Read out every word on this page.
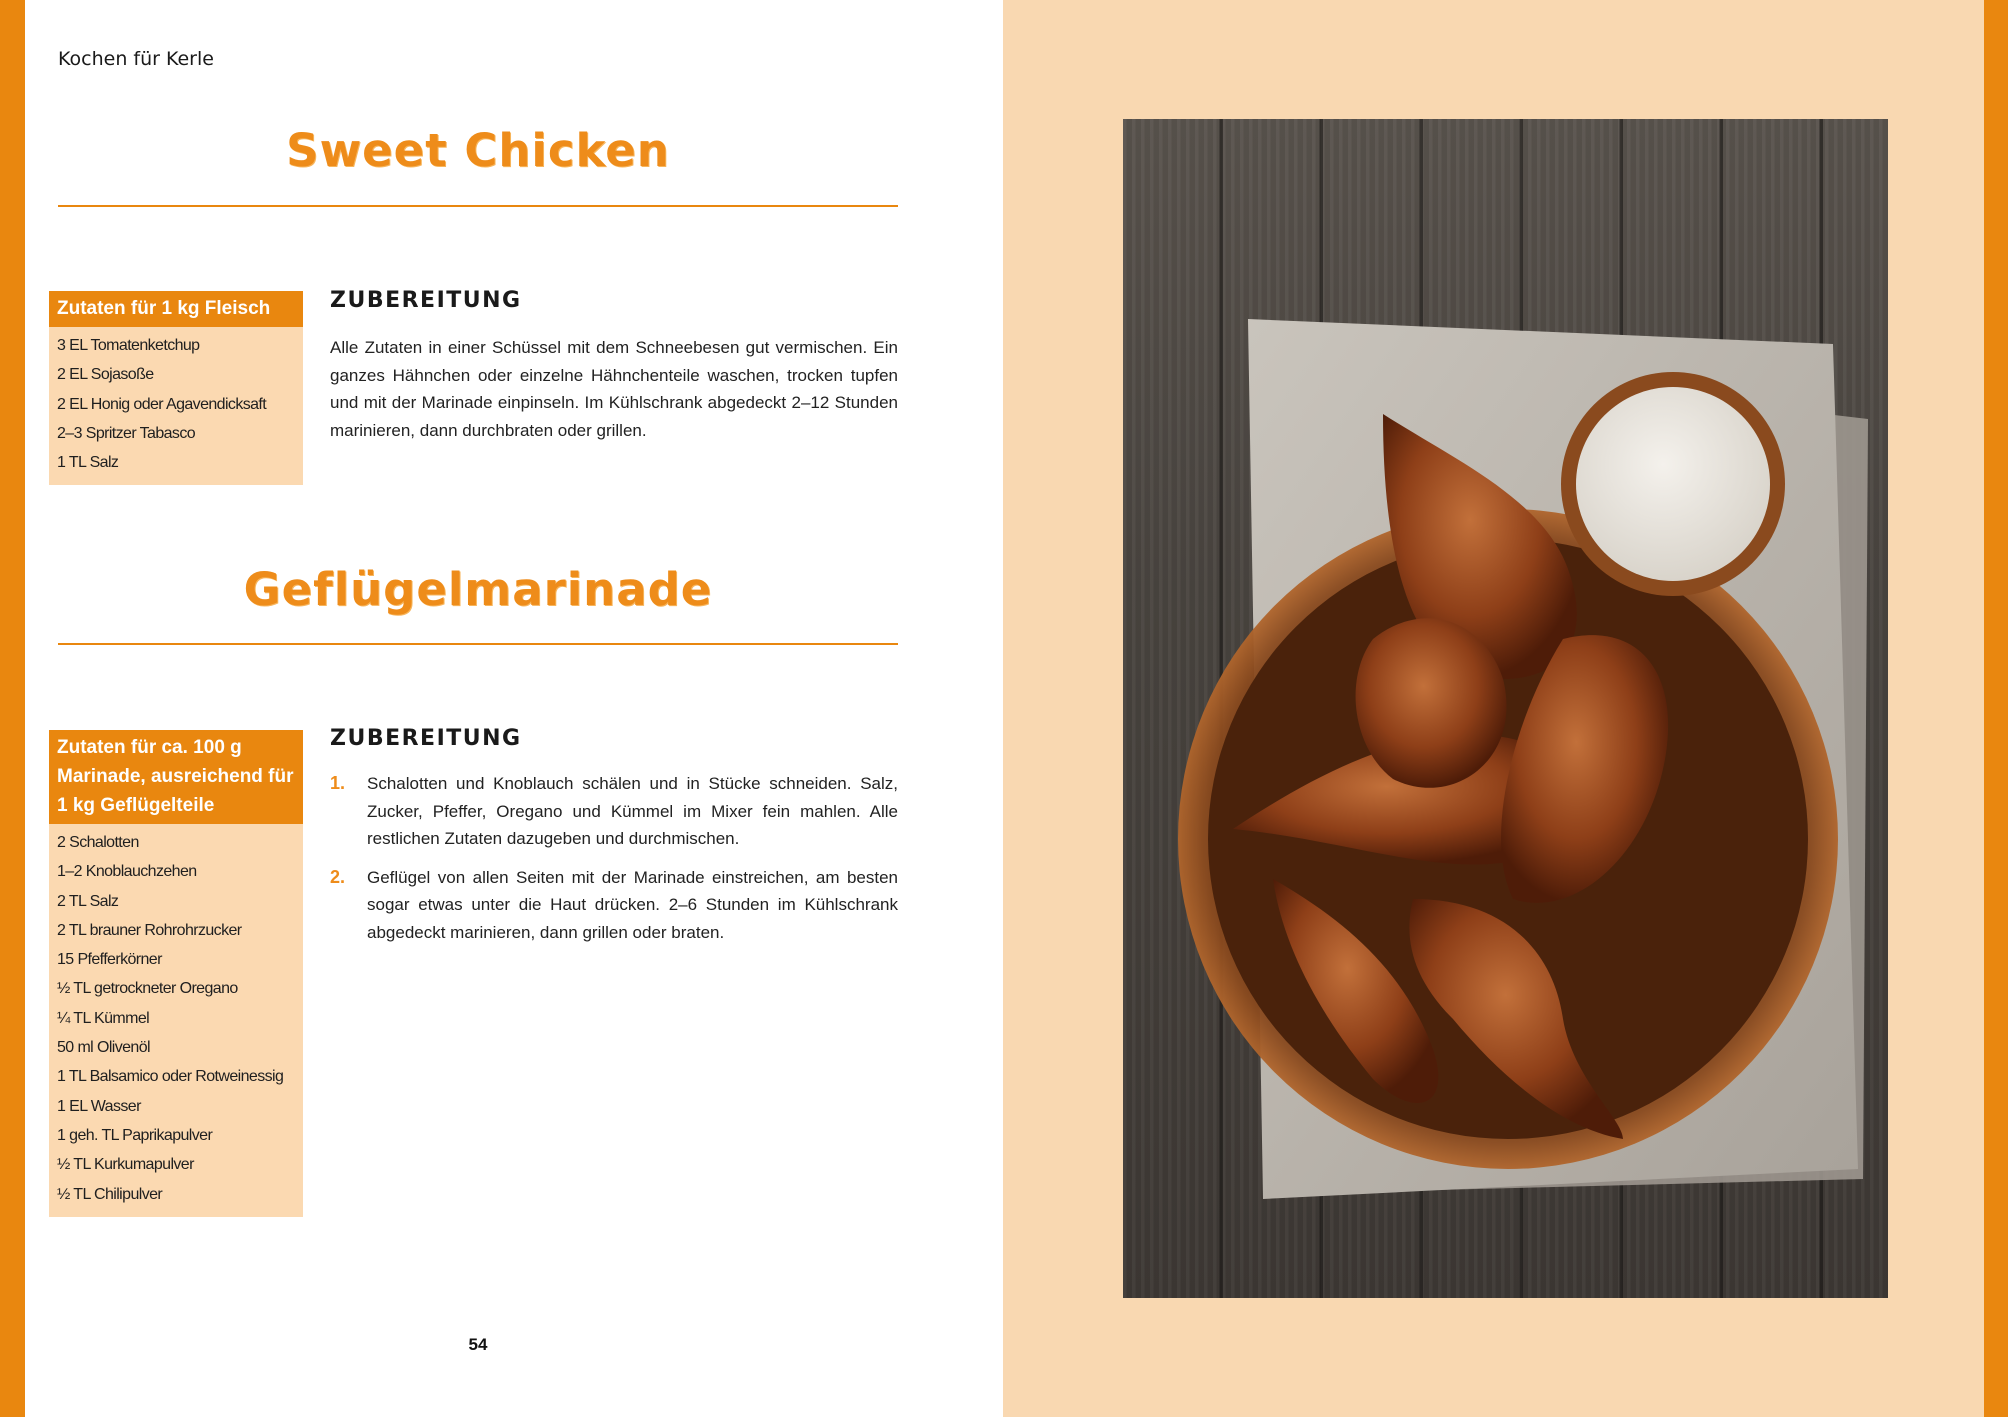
Kochen für Kerle
Sweet Chicken
Zutaten für 1 kg Fleisch
3 EL Tomatenketchup
2 EL Sojasoße
2 EL Honig oder Agavendicksaft
2–3 Spritzer Tabasco
1 TL Salz
ZUBEREITUNG

Alle Zutaten in einer Schüssel mit dem Schneebesen gut vermischen. Ein ganzes Hähnchen oder einzelne Hähnchenteile waschen, trocken tupfen und mit der Marinade einpinseln. Im Kühlschrank abgedeckt 2–12 Stunden marinieren, dann durchbraten oder grillen.

Geflügelmarinade
Zutaten für ca. 100 g Marinade, ausreichend für 1 kg Geflügelteile
2 Schalotten
1–2 Knoblauchzehen
2 TL Salz
2 TL brauner Rohrohrzucker
15 Pfefferkörner
½ TL getrockneter Oregano
¼ TL Kümmel
50 ml Olivenöl
1 TL Balsamico oder Rotweinessig
1 EL Wasser
1 geh. TL Paprikapulver
½ TL Kurkumapulver
½ TL Chilipulver
ZUBEREITUNG
1. Schalotten und Knoblauch schälen und in Stücke schneiden. Salz, Zucker, Pfeffer, Oregano und Kümmel im Mixer fein mahlen. Alle restlichen Zutaten dazugeben und durchmischen.
2. Geflügel von allen Seiten mit der Marinade einstreichen, am besten sogar etwas unter die Haut drücken. 2–6 Stunden im Kühlschrank abgedeckt marinieren, dann grillen oder braten.
54
